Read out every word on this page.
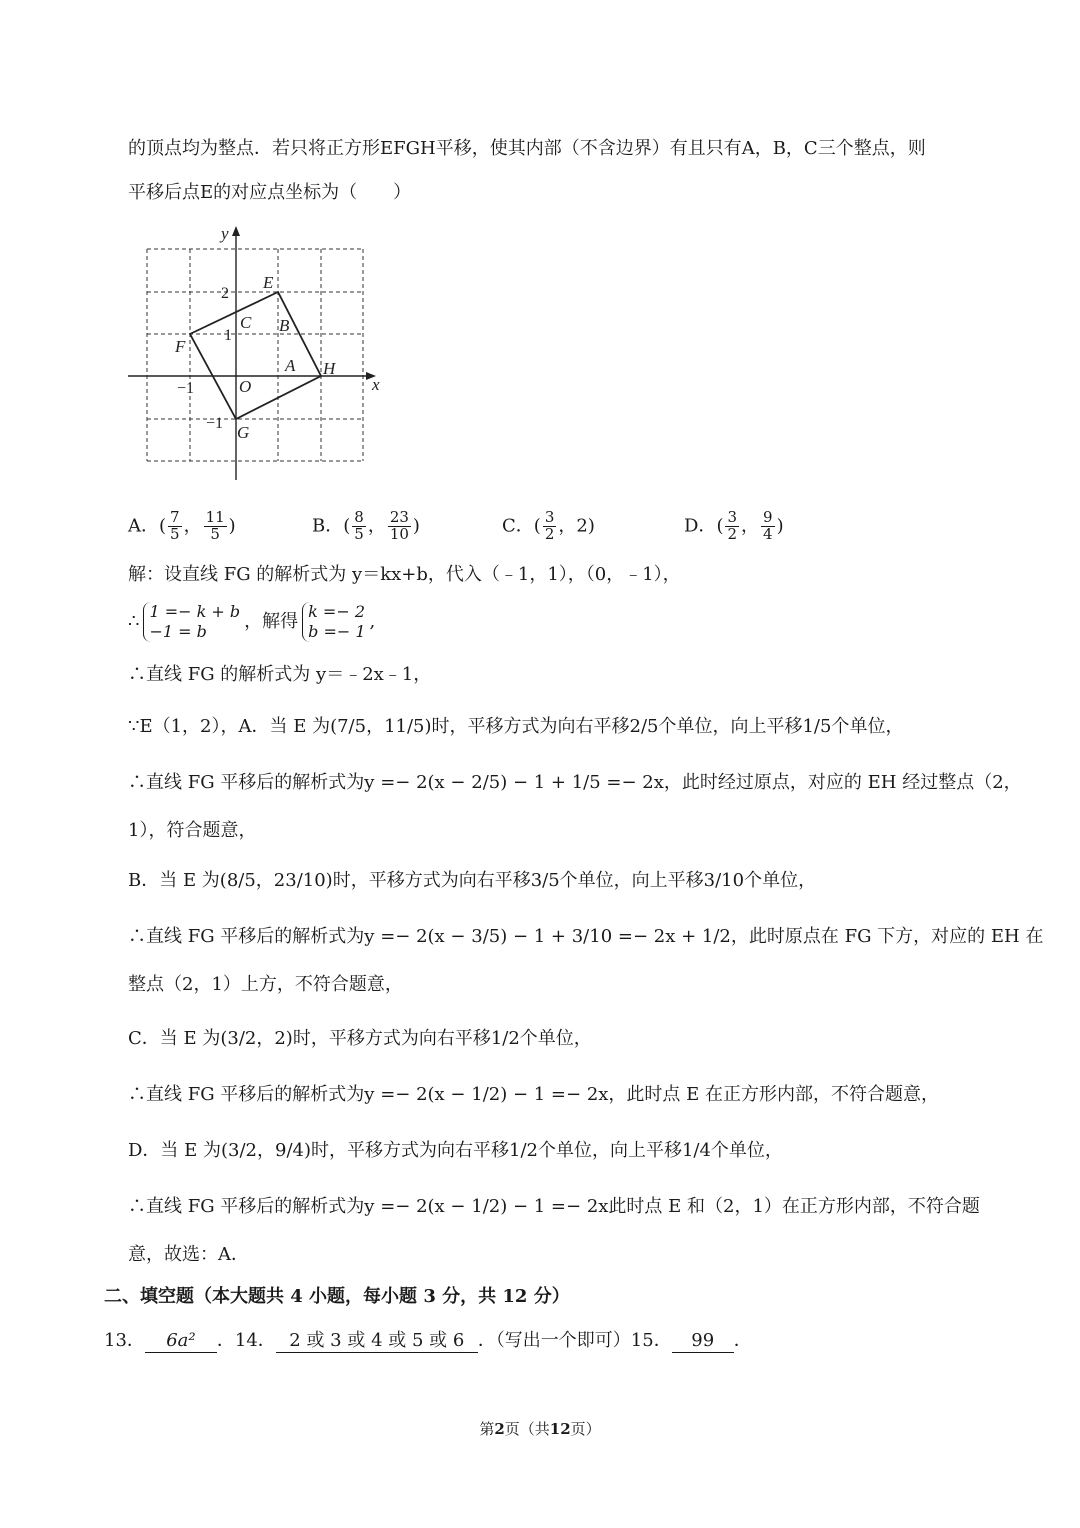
的顶点均为整点．若只将正方形EFGH平移，使其内部（不含边界）有且只有A，B，C三个整点，则
平移后点E的对应点坐标为（　　）
x
y
O
E
F
G
H
A
B
C
−1
1
2
−1
A．( $\frac{7}{5}$ ， $\frac{11}{5}$ )	B．( $\frac{8}{5}$ ， $\frac{23}{10}$ )	C．( $\frac{3}{2}$ ，2)	D．( $\frac{3}{2}$ ， $\frac{9}{4}$ )
解：设直线 FG 的解析式为 y＝kx+b，代入（﹣1，1），（0，﹣1），
∴ 1 =− k + b
−1 = b	，解得 k =− 2
b =− 1 ,
∴直线 FG 的解析式为 y＝﹣2x﹣1，
∵E（1，2），A．当 E 为(7/5，11/5)时，平移方式为向右平移2/5个单位，向上平移1/5个单位，
∴直线 FG 平移后的解析式为y =− 2(x − 2/5) − 1 + 1/5 =− 2x，此时经过原点，对应的 EH 经过整点（2，
1），符合题意，
B．当 E 为(8/5，23/10)时，平移方式为向右平移3/5个单位，向上平移3/10个单位，
∴直线 FG 平移后的解析式为y =− 2(x − 3/5) − 1 + 3/10 =− 2x + 1/2，此时原点在 FG 下方，对应的 EH 在
整点（2，1）上方，不符合题意，
C．当 E 为(3/2，2)时，平移方式为向右平移1/2个单位，
∴直线 FG 平移后的解析式为y =− 2(x − 1/2) − 1 =− 2x，此时点 E 在正方形内部，不符合题意，
D．当 E 为(3/2，9/4)时，平移方式为向右平移1/2个单位，向上平移1/4个单位，
∴直线 FG 平移后的解析式为y =− 2(x − 1/2) − 1 =− 2x此时点 E 和（2，1）在正方形内部，不符合题
意，故选：A．
二、填空题（本大题共 4 小题，每小题 3 分，共 12 分）
13． 6a² ．14． 2 或 3 或 4 或 5 或 6 ．（写出一个即可）15． 99 ．
第2页（共12页）
